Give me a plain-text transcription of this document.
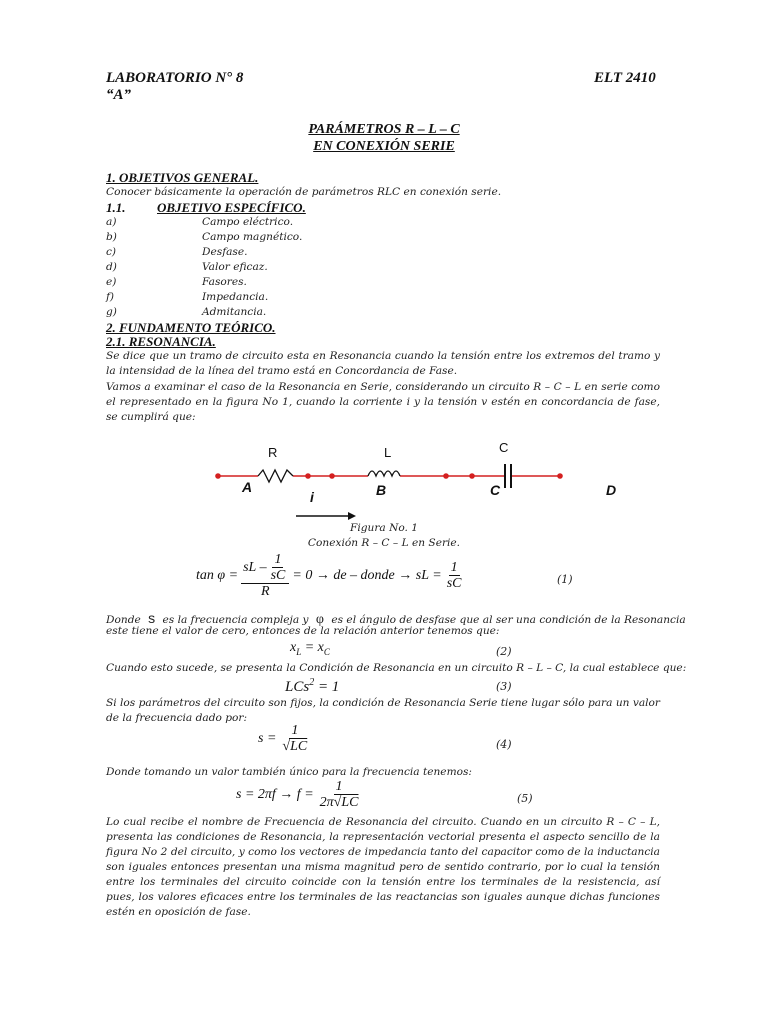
LABORATORIO N° 8
“A”
ELT 2410
PARÁMETROS R – L – C
EN CONEXIÓN SERIE
1. OBJETIVOS GENERAL.
Conocer básicamente la operación de parámetros RLC en conexión serie.
1.1. OBJETIVO ESPECÍFICO.
a)	Campo eléctrico.
b)	Campo magnético.
c)	Desfase.
d)	Valor eficaz.
e)	Fasores.
f)	Impedancia.
g)	Admitancia.
2. FUNDAMENTO TEÓRICO.
2.1. RESONANCIA.
Se dice que un tramo de circuito esta en Resonancia cuando la tensión entre los extremos del tramo y la intensidad de la línea del tramo está en Concordancia de Fase.
Vamos a examinar el caso de la Resonancia en Serie, considerando un circuito R – C – L en serie como el representado en la figura No 1, cuando la corriente i y la tensión v estén en concordancia de fase, se cumplirá que:
R	L	C
A	B	C	D
i
Figura No. 1
Conexión R – C – L en Serie.
$\tan \varphi = \frac{sL - \frac{1}{sC}}{R} = 0$ → de – donde → sL = $\frac{1}{sC}$	(1)
Donde s es la frecuencia compleja y φ es el ángulo de desfase que al ser una condición de la Resonancia
este tiene el valor de cero, entonces de la relación anterior tenemos que:
$x_L = x_C$	(2)
Cuando esto sucede, se presenta la Condición de Resonancia en un circuito R – L – C, la cual establece que:
LCs$^2$ = 1	(3)
Si los parámetros del circuito son fijos, la condición de Resonancia Serie tiene lugar sólo para un valor de la frecuencia dado por:
$s = \frac{1}{√LC}$	(4)
Donde tomando un valor también único para la frecuencia tenemos:
$s = 2\pi f \to f = \frac{1}{2\pi√LC}$	(5)
Lo cual recibe el nombre de Frecuencia de Resonancia del circuito. Cuando en un circuito R – C – L, presenta las condiciones de Resonancia, la representación vectorial presenta el aspecto sencillo de la figura No 2 del circuito, y como los vectores de impedancia tanto del capacitor como de la inductancia son iguales entonces presentan una misma magnitud pero de sentido contrario, por lo cual la tensión entre los terminales del circuito coincide con la tensión entre los terminales de la resistencia, así pues, los valores eficaces entre los terminales de las reactancias son iguales aunque dichas funciones estén en oposición de fase.
